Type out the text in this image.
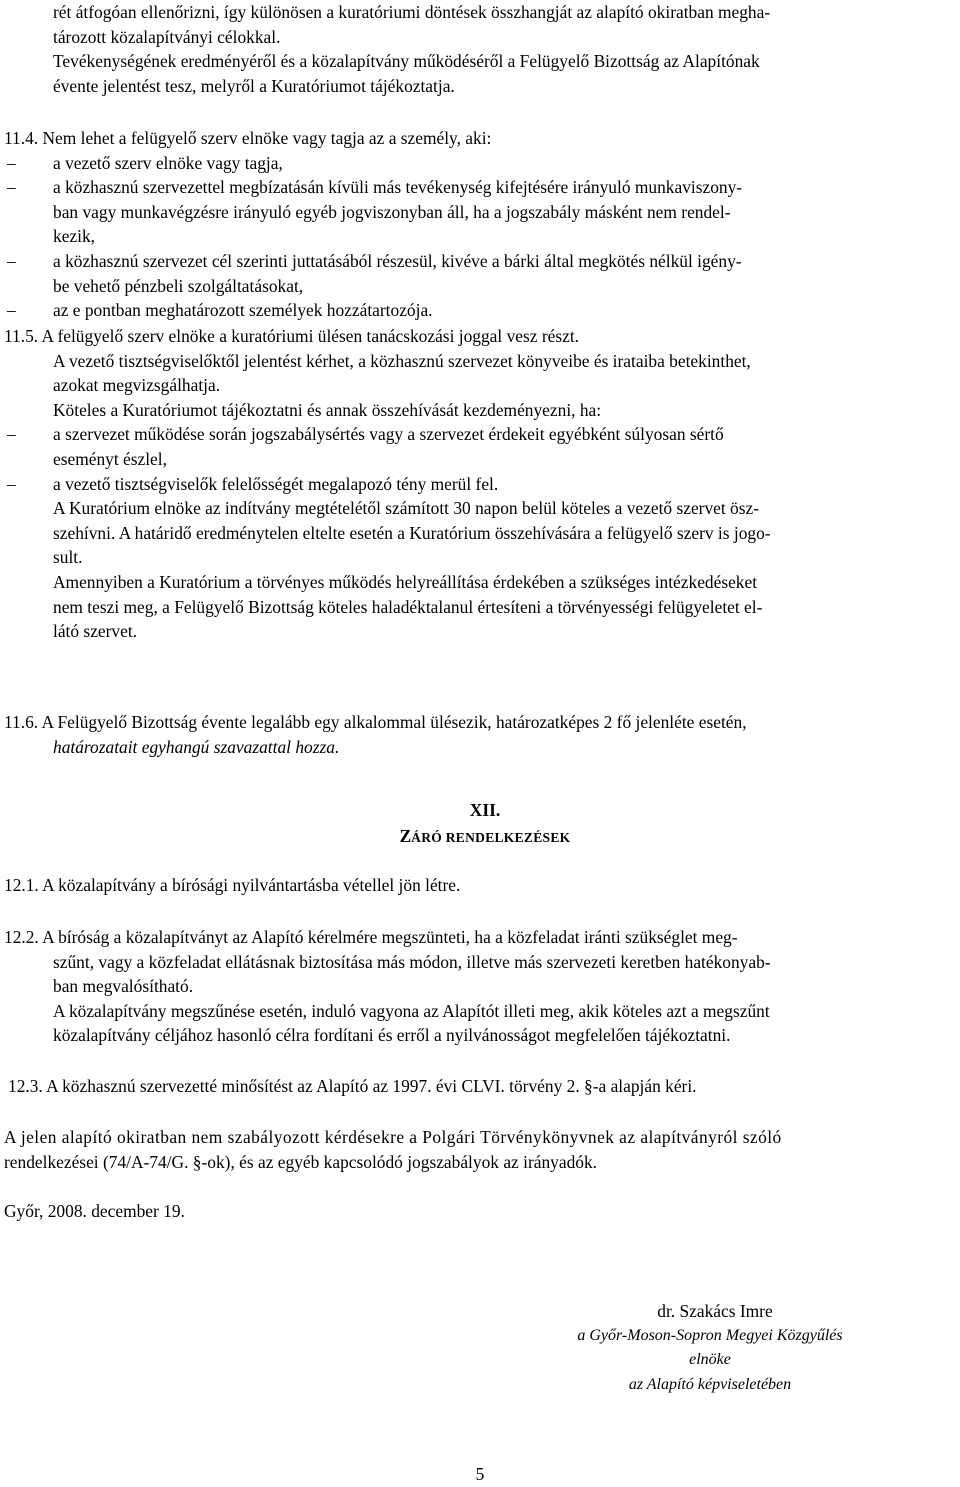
rét átfogóan ellenőrizni, így különösen a kuratóriumi döntések összhangját az alapító okiratban megha-
tározott közalapítványi célokkal.
Tevékenységének eredményéről és a közalapítvány működéséről a Felügyelő Bizottság az Alapítónak
évente jelentést tesz, melyről a Kuratóriumot tájékoztatja.
11.4. Nem lehet a felügyelő szerv elnöke vagy tagja az a személy, aki:
– a vezető szerv elnöke vagy tagja,
– a közhasznú szervezettel megbízatásán kívüli más tevékenység kifejtésére irányuló munkaviszony-
ban vagy munkavégzésre irányuló egyéb jogviszonyban áll, ha a jogszabály másként nem rendel-
kezik,
– a közhasznú szervezet cél szerinti juttatásából részesül, kivéve a bárki által megkötés nélkül igény-
be vehető pénzbeli szolgáltatásokat,
– az e pontban meghatározott személyek hozzátartozója.
11.5. A felügyelő szerv elnöke a kuratóriumi ülésen tanácskozási joggal vesz részt.
A vezető tisztségviselőktől jelentést kérhet, a közhasznú szervezet könyveibe és irataiba betekinthet,
azokat megvizsgálhatja.
Köteles a Kuratóriumot tájékoztatni és annak összehívását kezdeményezni, ha:
– a szervezet működése során jogszabálysértés vagy a szervezet érdekeit egyébként súlyosan sértő
eseményt észlel,
– a vezető tisztségviselők felelősségét megalapozó tény merül fel.
A Kuratórium elnöke az indítvány megtételétől számított 30 napon belül köteles a vezető szervet ösz-
szehívni. A határidő eredménytelen eltelte esetén a Kuratórium összehívására a felügyelő szerv is jogo-
sult.
Amennyiben a Kuratórium a törvényes működés helyreállítása érdekében a szükséges intézkedéseket
nem teszi meg, a Felügyelő Bizottság köteles haladéktalanul értesíteni a törvényességi felügyeletet el-
látó szervet.
11.6. A Felügyelő Bizottság évente legalább egy alkalommal ülésezik, határozatképes 2 fő jelenléte esetén,
határozatait egyhangú szavazattal hozza.
XII.
ZÁRÓ RENDELKEZÉSEK
12.1. A közalapítvány a bírósági nyilvántartásba vétellel jön létre.
12.2. A bíróság a közalapítványt az Alapító kérelmére megszünteti, ha a közfeladat iránti szükséglet meg-
szűnt, vagy a közfeladat ellátásnak biztosítása más módon, illetve más szervezeti keretben hatékonyab-
ban megvalósítható.
A közalapítvány megszűnése esetén, induló vagyona az Alapítót illeti meg, akik köteles azt a megszűnt
közalapítvány céljához hasonló célra fordítani és erről a nyilvánosságot megfelelően tájékoztatni.
12.3. A közhasznú szervezetté minősítést az Alapító az 1997. évi CLVI. törvény 2. §-a alapján kéri.
A jelen alapító okiratban nem szabályozott kérdésekre a Polgári Törvénykönyvnek az alapítványról szóló
rendelkezései (74/A-74/G. §-ok), és az egyéb kapcsolódó jogszabályok az irányadók.
Győr, 2008. december 19.
dr. Szakács Imre
a Győr-Moson-Sopron Megyei Közgyűlés
elnöke
az Alapító képviseletében
5
